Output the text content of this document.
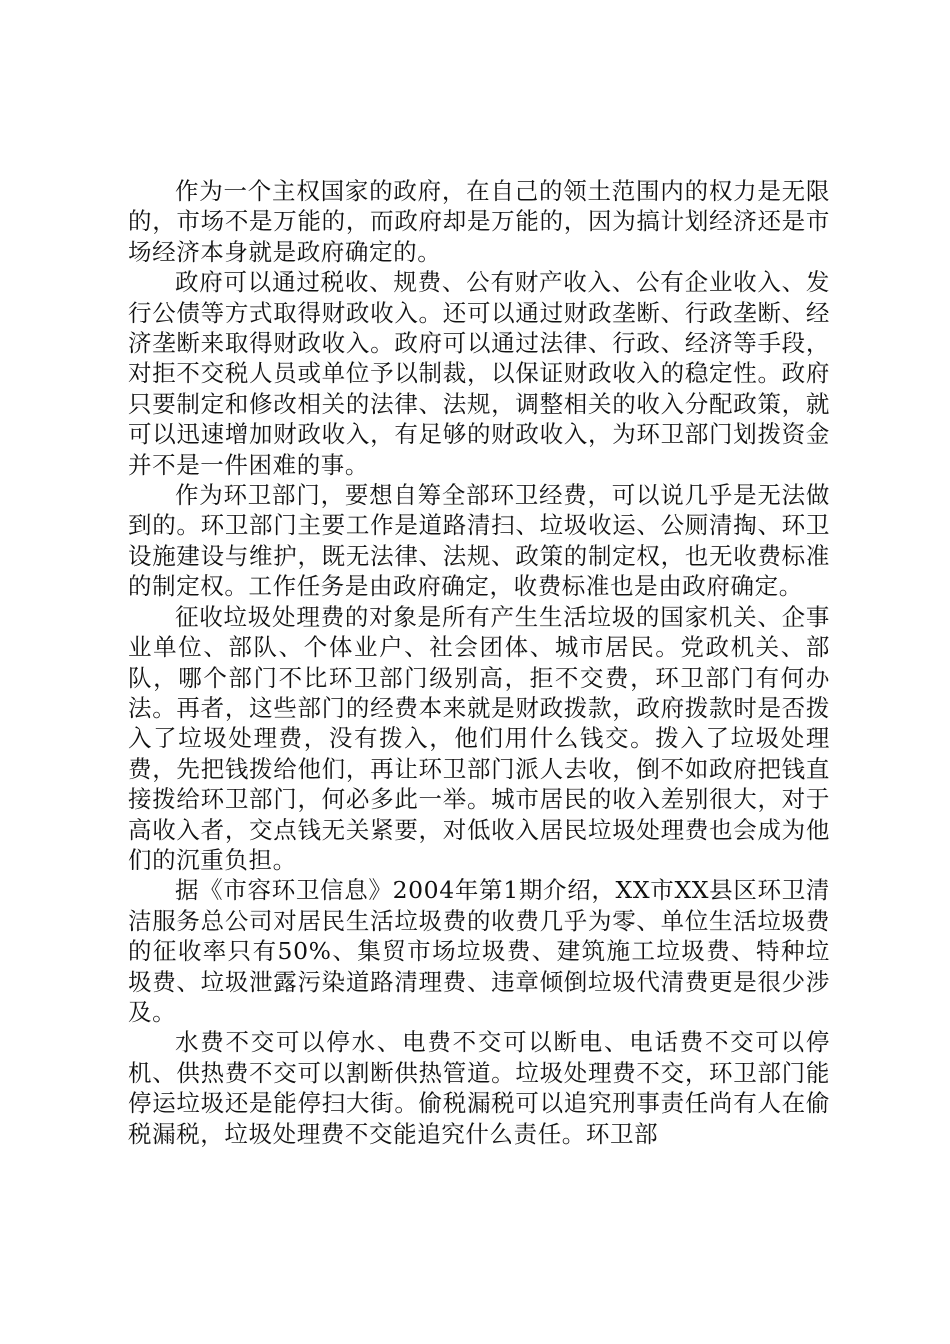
作为一个主权国家的政府，在自己的领土范围内的权力是无限的，市场不是万能的，而政府却是万能的，因为搞计划经济还是市场经济本身就是政府确定的。

政府可以通过税收、规费、公有财产收入、公有企业收入、发行公债等方式取得财政收入。还可以通过财政垄断、行政垄断、经济垄断来取得财政收入。政府可以通过法律、行政、经济等手段，对拒不交税人员或单位予以制裁，以保证财政收入的稳定性。政府只要制定和修改相关的法律、法规，调整相关的收入分配政策，就可以迅速增加财政收入，有足够的财政收入，为环卫部门划拨资金并不是一件困难的事。

作为环卫部门，要想自筹全部环卫经费，可以说几乎是无法做到的。环卫部门主要工作是道路清扫、垃圾收运、公厕清掏、环卫设施建设与维护，既无法律、法规、政策的制定权，也无收费标准的制定权。工作任务是由政府确定，收费标准也是由政府确定。

征收垃圾处理费的对象是所有产生生活垃圾的国家机关、企事业单位、部队、个体业户、社会团体、城市居民。党政机关、部队，哪个部门不比环卫部门级别高，拒不交费，环卫部门有何办法。再者，这些部门的经费本来就是财政拨款，政府拨款时是否拨入了垃圾处理费，没有拨入，他们用什么钱交。拨入了垃圾处理费，先把钱拨给他们，再让环卫部门派人去收，倒不如政府把钱直接拨给环卫部门，何必多此一举。城市居民的收入差别很大，对于高收入者，交点钱无关紧要，对低收入居民垃圾处理费也会成为他们的沉重负担。

据《市容环卫信息》2004年第1期介绍，XX市XX县区环卫清洁服务总公司对居民生活垃圾费的收费几乎为零、单位生活垃圾费的征收率只有50%、集贸市场垃圾费、建筑施工垃圾费、特种垃圾费、垃圾泄露污染道路清理费、违章倾倒垃圾代清费更是很少涉及。

水费不交可以停水、电费不交可以断电、电话费不交可以停机、供热费不交可以割断供热管道。垃圾处理费不交，环卫部门能停运垃圾还是能停扫大街。偷税漏税可以追究刑事责任尚有人在偷税漏税，垃圾处理费不交能追究什么责任。环卫部
